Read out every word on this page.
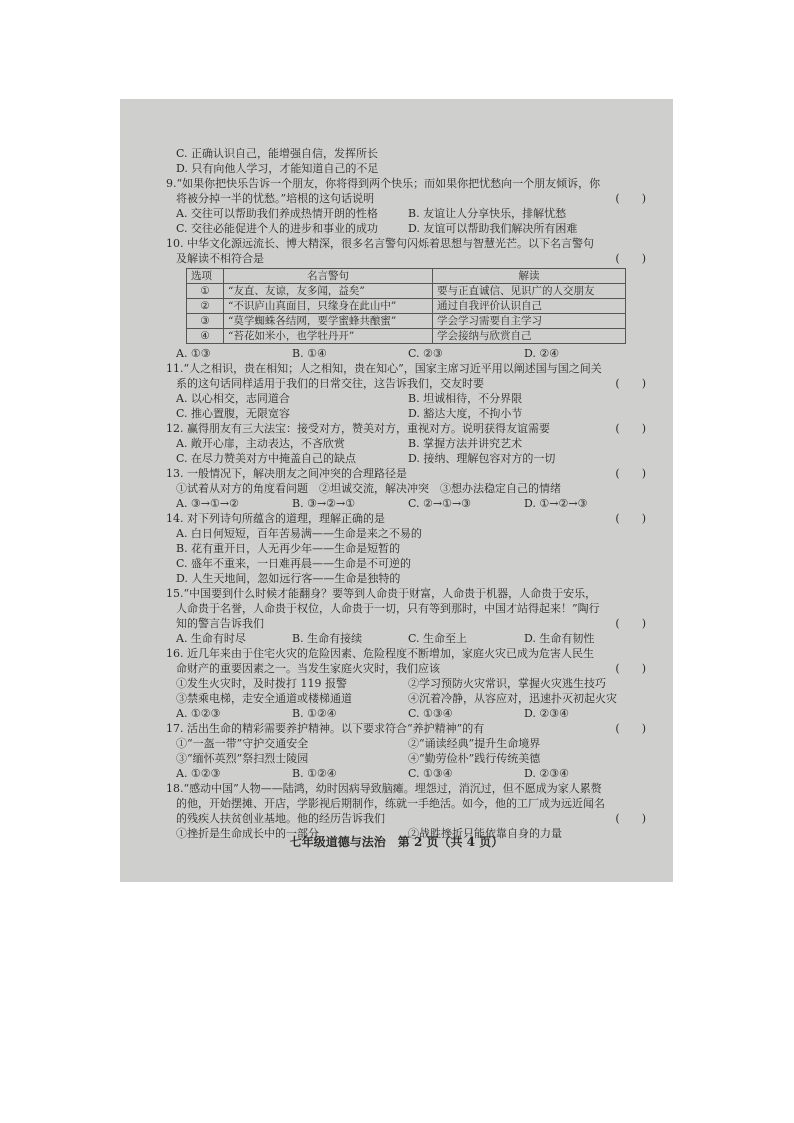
C. 正确认识自己，能增强自信，发挥所长
D. 只有向他人学习，才能知道自己的不足
9.“如果你把快乐告诉一个朋友，你将得到两个快乐；而如果你把忧愁向一个朋友倾诉，你
将被分掉一半的忧愁。”培根的这句话说明	(　　)
A. 交往可以帮助我们养成热情开朗的性格	B. 友谊让人分享快乐，排解忧愁
C. 交往必能促进个人的进步和事业的成功	D. 友谊可以帮助我们解决所有困难
10. 中华文化源远流长、博大精深，很多名言警句闪烁着思想与智慧光芒。以下名言警句
及解读不相符合是	(　　)
选项	名言警句	解读
①	“友直、友谅，友多闻，益矣”	要与正直诚信、见识广的人交朋友
②	“不识庐山真面目，只缘身在此山中”	通过自我评价认识自己
③	“莫学蜘蛛各结网，要学蜜蜂共酿蜜”	学会学习需要自主学习
④	“苔花如米小，也学牡丹开”	学会接纳与欣赏自己
A. ①③	B. ①④	C. ②③	D. ②④
11.“人之相识，贵在相知；人之相知，贵在知心”，国家主席习近平用以阐述国与国之间关
系的这句话同样适用于我们的日常交往，这告诉我们，交友时要	(　　)
A. 以心相交，志同道合	B. 坦诚相待，不分界限
C. 推心置腹，无限宽容	D. 豁达大度，不拘小节
12. 赢得朋友有三大法宝：接受对方，赞美对方，重视对方。说明获得友谊需要	(　　)
A. 敞开心扉，主动表达，不吝欣赏	B. 掌握方法并讲究艺术
C. 在尽力赞美对方中掩盖自己的缺点	D. 接纳、理解包容对方的一切
13. 一般情况下，解决朋友之间冲突的合理路径是	(　　)
①试着从对方的角度看问题　②坦诚交流，解决冲突　③想办法稳定自己的情绪
A. ③→①→②	B. ③→②→①	C. ②→①→③	D. ①→②→③
14. 对下列诗句所蕴含的道理，理解正确的是	(　　)
A. 白日何短短，百年苦易满——生命是来之不易的
B. 花有重开日，人无再少年——生命是短暂的
C. 盛年不重来，一日难再晨——生命是不可逆的
D. 人生天地间，忽如远行客——生命是独特的
15.“中国要到什么时候才能翻身？要等到人命贵于财富，人命贵于机器，人命贵于安乐，
人命贵于名誉，人命贵于权位，人命贵于一切，只有等到那时，中国才站得起来！”陶行
知的警言告诉我们	(　　)
A. 生命有时尽	B. 生命有接续	C. 生命至上	D. 生命有韧性
16. 近几年来由于住宅火灾的危险因素、危险程度不断增加，家庭火灾已成为危害人民生
命财产的重要因素之一。当发生家庭火灾时，我们应该	(　　)
①发生火灾时，及时拨打 119 报警	②学习预防火灾常识，掌握火灾逃生技巧
③禁乘电梯，走安全通道或楼梯通道	④沉着冷静，从容应对，迅速扑灭初起火灾
A. ①②③	B. ①②④	C. ①③④	D. ②③④
17. 活出生命的精彩需要养护精神。以下要求符合“养护精神”的有	(　　)
①“一盔一带”守护交通安全	②“诵读经典”提升生命境界
③“缅怀英烈”祭扫烈士陵园	④“勤劳俭朴”践行传统美德
A. ①②③	B. ①②④	C. ①③④	D. ②③④
18.“感动中国”人物——陆鸿，幼时因病导致脑瘫。埋怨过，消沉过，但不愿成为家人累赘
的他，开始摆摊、开店，学影视后期制作，练就一手绝活。如今，他的工厂成为远近闻名
的残疾人扶贫创业基地。他的经历告诉我们	(　　)
①挫折是生命成长中的一部分	②战胜挫折只能依靠自身的力量
七年级道德与法治　第 2 页（共 4 页）
